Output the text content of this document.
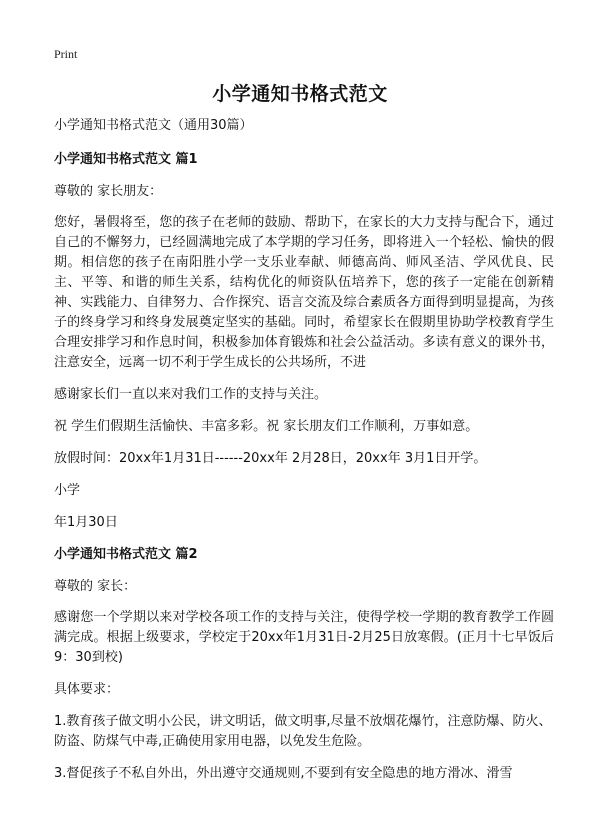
Print
小学通知书格式范文

小学通知书格式范文（通用30篇）

小学通知书格式范文 篇1

尊敬的 家长朋友：

您好，暑假将至，您的孩子在老师的鼓励、帮助下，在家长的大力支持与配合下，通过自己的不懈努力，已经圆满地完成了本学期的学习任务，即将进入一个轻松、愉快的假期。相信您的孩子在南阳胜小学一支乐业奉献、师德高尚、师风圣洁、学风优良、民主、平等、和谐的师生关系，结构优化的师资队伍培养下，您的孩子一定能在创新精神、实践能力、自律努力、合作探究、语言交流及综合素质各方面得到明显提高，为孩子的终身学习和终身发展奠定坚实的基础。同时，希望家长在假期里协助学校教育学生合理安排学习和作息时间，积极参加体育锻炼和社会公益活动。多读有意义的课外书，注意安全，远离一切不利于学生成长的公共场所，不进

感谢家长们一直以来对我们工作的支持与关注。

祝 学生们假期生活愉快、丰富多彩。祝 家长朋友们工作顺利，万事如意。

放假时间：20xx年1月31日------20xx年 2月28日，20xx年 3月1日开学。

小学

年1月30日

小学通知书格式范文 篇2

尊敬的 家长：

感谢您一个学期以来对学校各项工作的支持与关注，使得学校一学期的教育教学工作圆满完成。根据上级要求，学校定于20xx年1月31日-2月25日放寒假。(正月十七早饭后9：30到校)

具体要求：

1.教育孩子做文明小公民，讲文明话，做文明事,尽量不放烟花爆竹，注意防爆、防火、防盗、防煤气中毒,正确使用家用电器，以免发生危险。

3.督促孩子不私自外出，外出遵守交通规则,不要到有安全隐患的地方滑冰、滑雪
